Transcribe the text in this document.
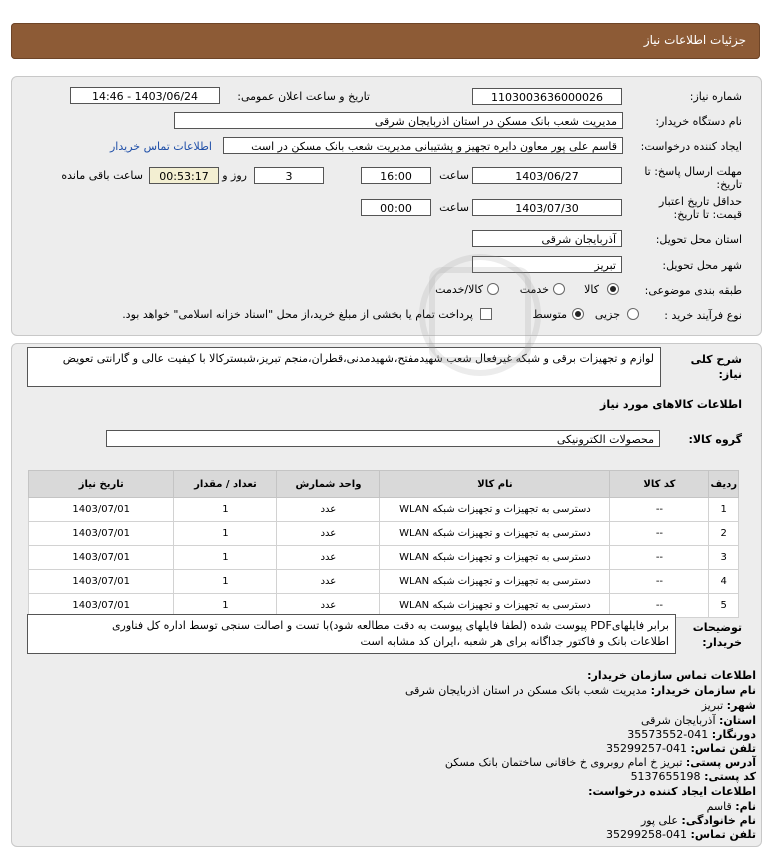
جزئیات اطلاعات نیاز
شماره نیاز:
1103003636000026
تاریخ و ساعت اعلان عمومی:
1403/06/24 - 14:46
نام دستگاه خریدار:
مدیریت شعب بانک مسکن در استان اذربایجان شرقی
ایجاد کننده درخواست:
قاسم علی پور معاون دایره تجهیز و پشتیبانی مدیریت شعب بانک مسکن در است
اطلاعات تماس خریدار
مهلت ارسال پاسخ: تا
تاریخ:
1403/06/27
ساعت
16:00
3
روز و
00:53:17
ساعت باقی مانده
حداقل تاریخ اعتبار
قیمت: تا تاریخ:
1403/07/30
ساعت
00:00
استان محل تحویل:
آذربایجان شرقی
شهر محل تحویل:
تبریز
طبقه بندی موضوعی:
کالا
خدمت
کالا/خدمت
نوع فرآیند خرید :
جزیی
متوسط
پرداخت تمام یا بخشی از مبلغ خرید،از محل "اسناد خزانه اسلامی" خواهد بود.
شرح کلی
نیاز:
لوازم و تجهیزات برقی و شبکه غیرفعال شعب شهیدمفتح،شهیدمدنی،قطران،منجم تبریز،شبسترکالا با کیفیت عالی و گارانتی تعویض
اطلاعات کالاهای مورد نیاز
گروه کالا:
محصولات الکترونیکی
ردیف	کد کالا	نام کالا	واحد شمارش	تعداد / مقدار	تاریخ نیاز
1	--	دسترسی به تجهیزات و تجهیزات شبکه WLAN	عدد	1	1403/07/01
2	--	دسترسی به تجهیزات و تجهیزات شبکه WLAN	عدد	1	1403/07/01
3	--	دسترسی به تجهیزات و تجهیزات شبکه WLAN	عدد	1	1403/07/01
4	--	دسترسی به تجهیزات و تجهیزات شبکه WLAN	عدد	1	1403/07/01
5	--	دسترسی به تجهیزات و تجهیزات شبکه WLAN	عدد	1	1403/07/01
توضیحات
خریدار:
برابر فایلهایPDF پیوست شده (لطفا فایلهای پیوست به دقت مطالعه شود)با تست و اصالت سنجی توسط اداره کل فناوری
اطلاعات بانک و فاکتور جداگانه برای هر شعبه ،ایران کد مشابه است
اطلاعات تماس سازمان خریدار:
نام سازمان خریدار: مدیریت شعب بانک مسکن در استان اذربایجان شرقی
شهر: تبریز
استان: آذربایجان شرقی
دورنگار: 041-35573552
تلفن تماس: 041-35299257
آدرس پستی: تبریز خ امام روبروی خ خاقانی ساختمان بانک مسکن
کد پستی: 5137655198
اطلاعات ایجاد کننده درخواست:
نام: قاسم
نام خانوادگی: علی پور
تلفن تماس: 041-35299258
